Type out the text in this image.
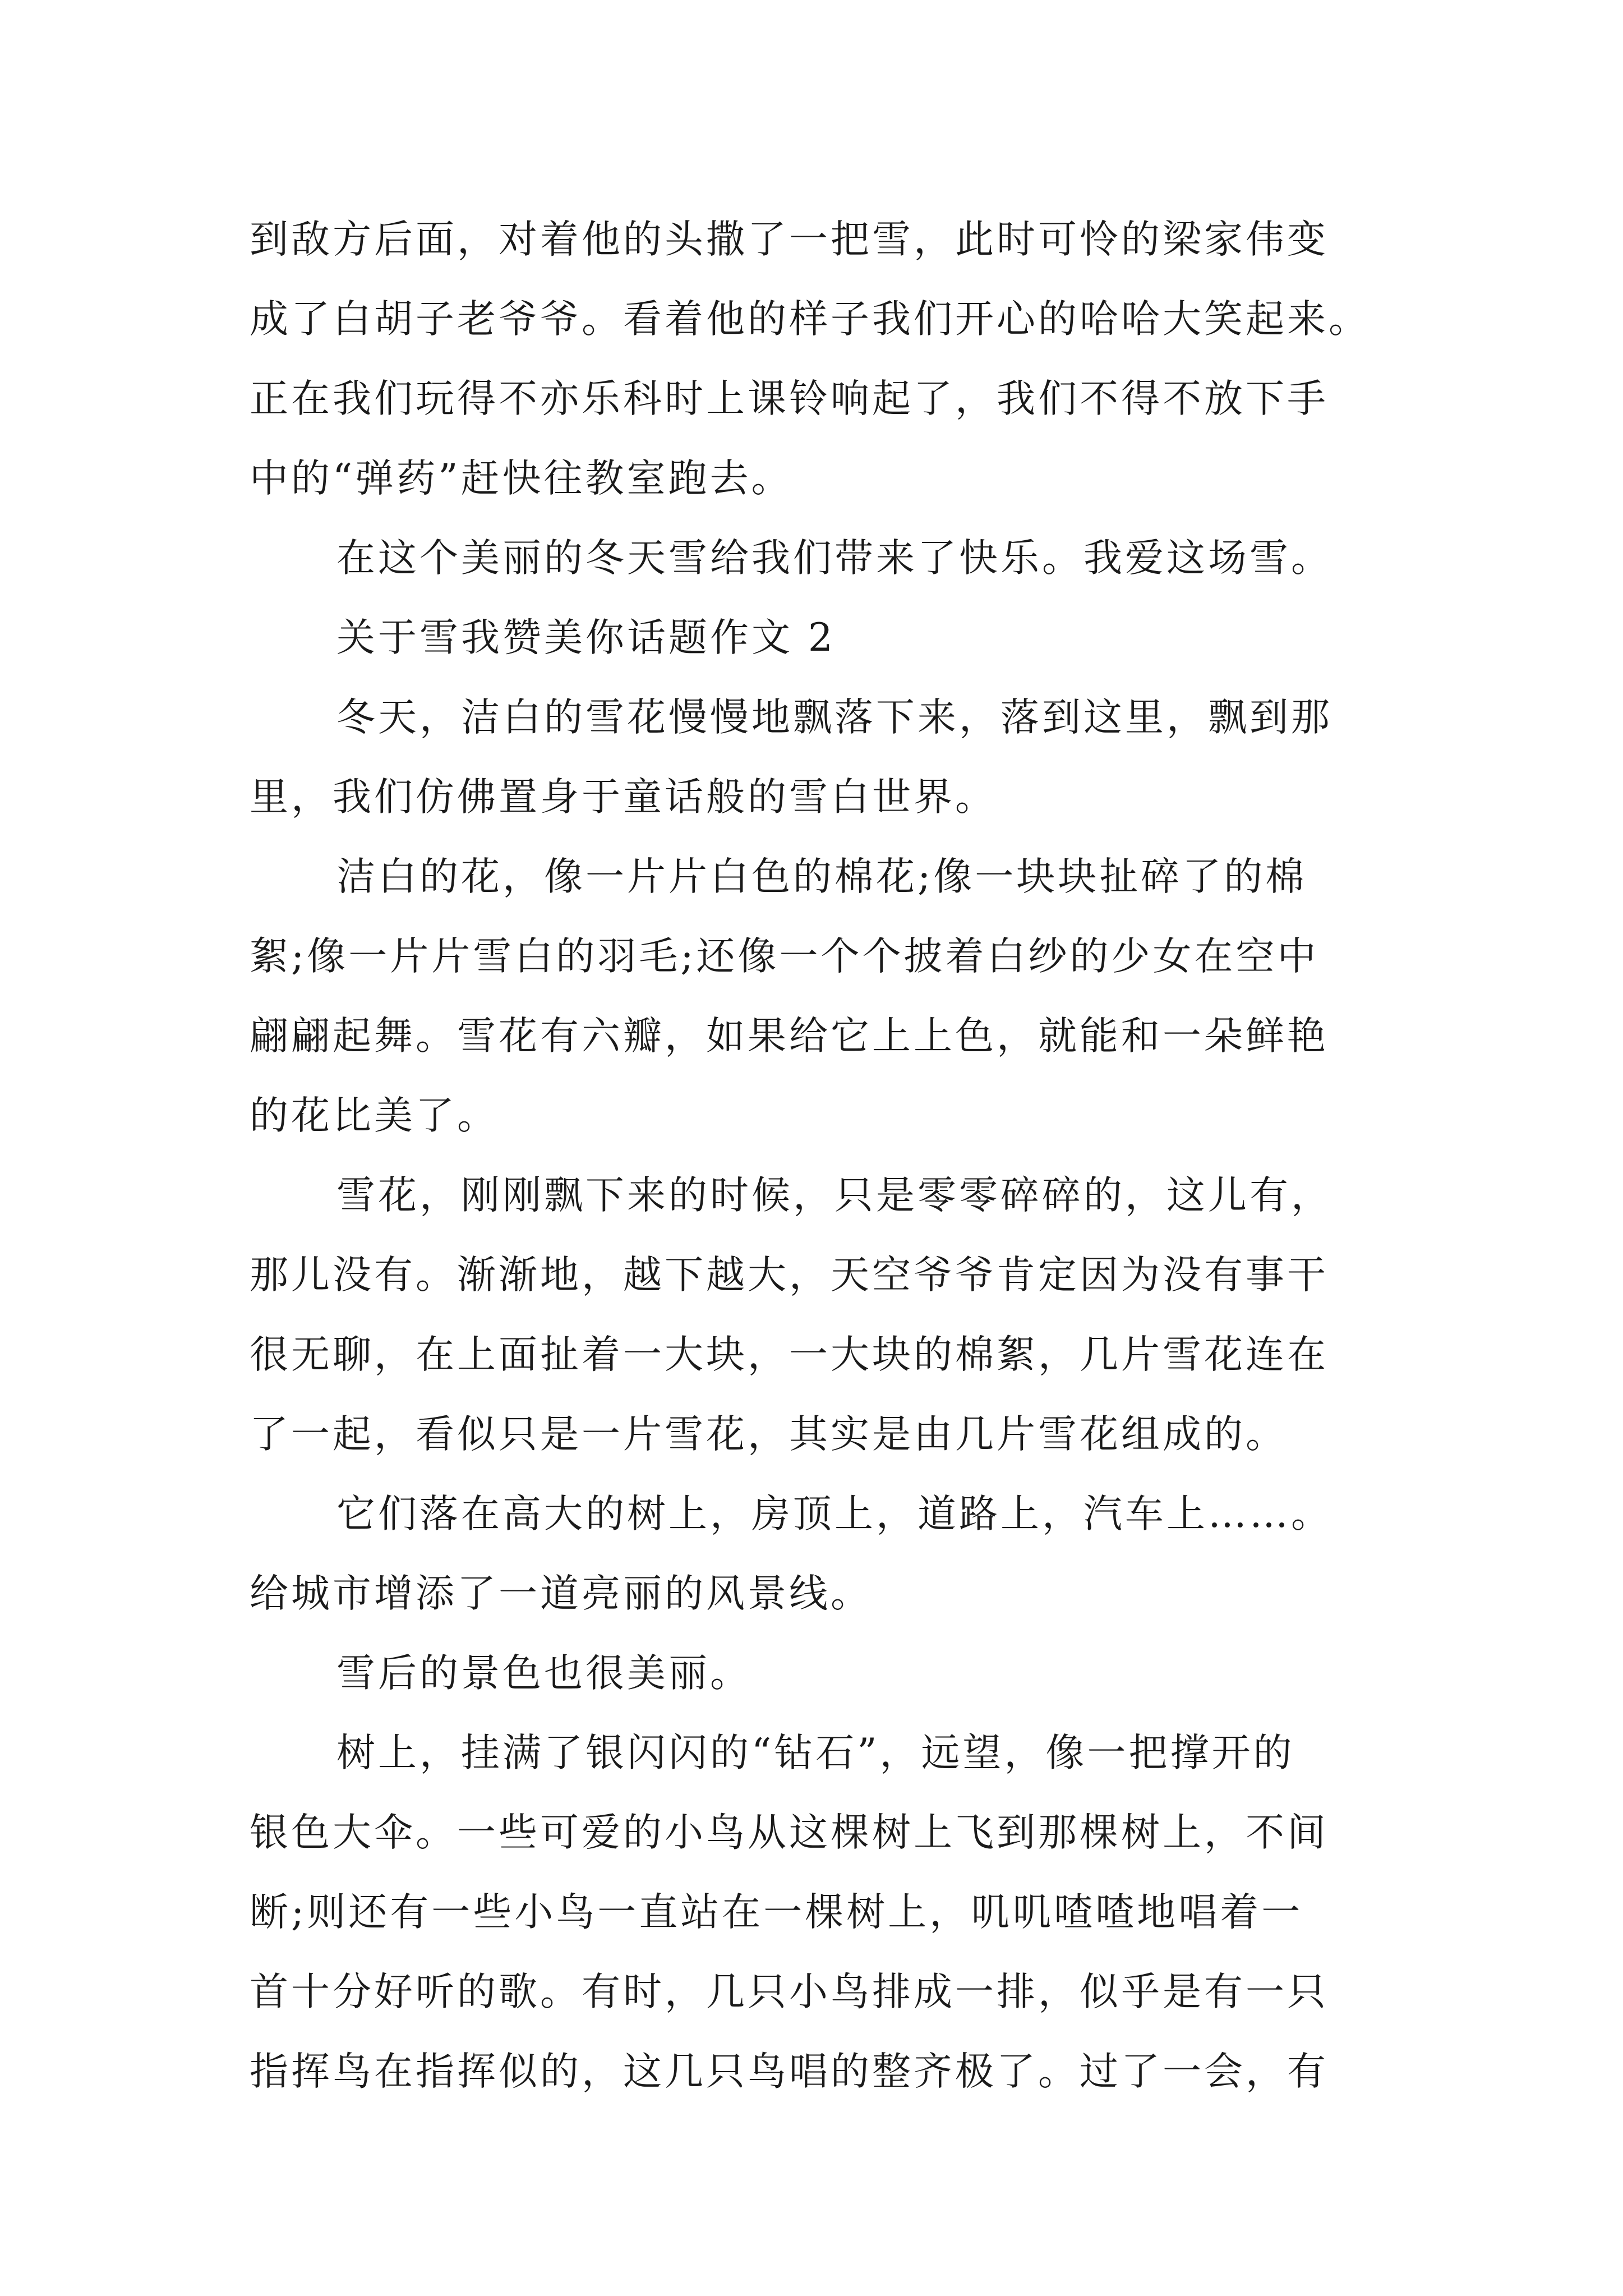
到敌方后面，对着他的头撒了一把雪，此时可怜的梁家伟变
成了白胡子老爷爷。看着他的样子我们开心的哈哈大笑起来。
正在我们玩得不亦乐科时上课铃响起了，我们不得不放下手
中的“弹药”赶快往教室跑去。
在这个美丽的冬天雪给我们带来了快乐。我爱这场雪。
关于雪我赞美你话题作文 2
冬天，洁白的雪花慢慢地飘落下来，落到这里，飘到那
里，我们仿佛置身于童话般的雪白世界。
洁白的花，像一片片白色的棉花;像一块块扯碎了的棉
絮;像一片片雪白的羽毛;还像一个个披着白纱的少女在空中
翩翩起舞。雪花有六瓣，如果给它上上色，就能和一朵鲜艳
的花比美了。
雪花，刚刚飘下来的时候，只是零零碎碎的，这儿有，
那儿没有。渐渐地，越下越大，天空爷爷肯定因为没有事干
很无聊，在上面扯着一大块，一大块的棉絮，几片雪花连在
了一起，看似只是一片雪花，其实是由几片雪花组成的。
它们落在高大的树上，房顶上，道路上，汽车上……。
给城市增添了一道亮丽的风景线。
雪后的景色也很美丽。
树上，挂满了银闪闪的“钻石”，远望，像一把撑开的
银色大伞。一些可爱的小鸟从这棵树上飞到那棵树上，不间
断;则还有一些小鸟一直站在一棵树上，叽叽喳喳地唱着一
首十分好听的歌。有时，几只小鸟排成一排，似乎是有一只
指挥鸟在指挥似的，这几只鸟唱的整齐极了。过了一会，有
